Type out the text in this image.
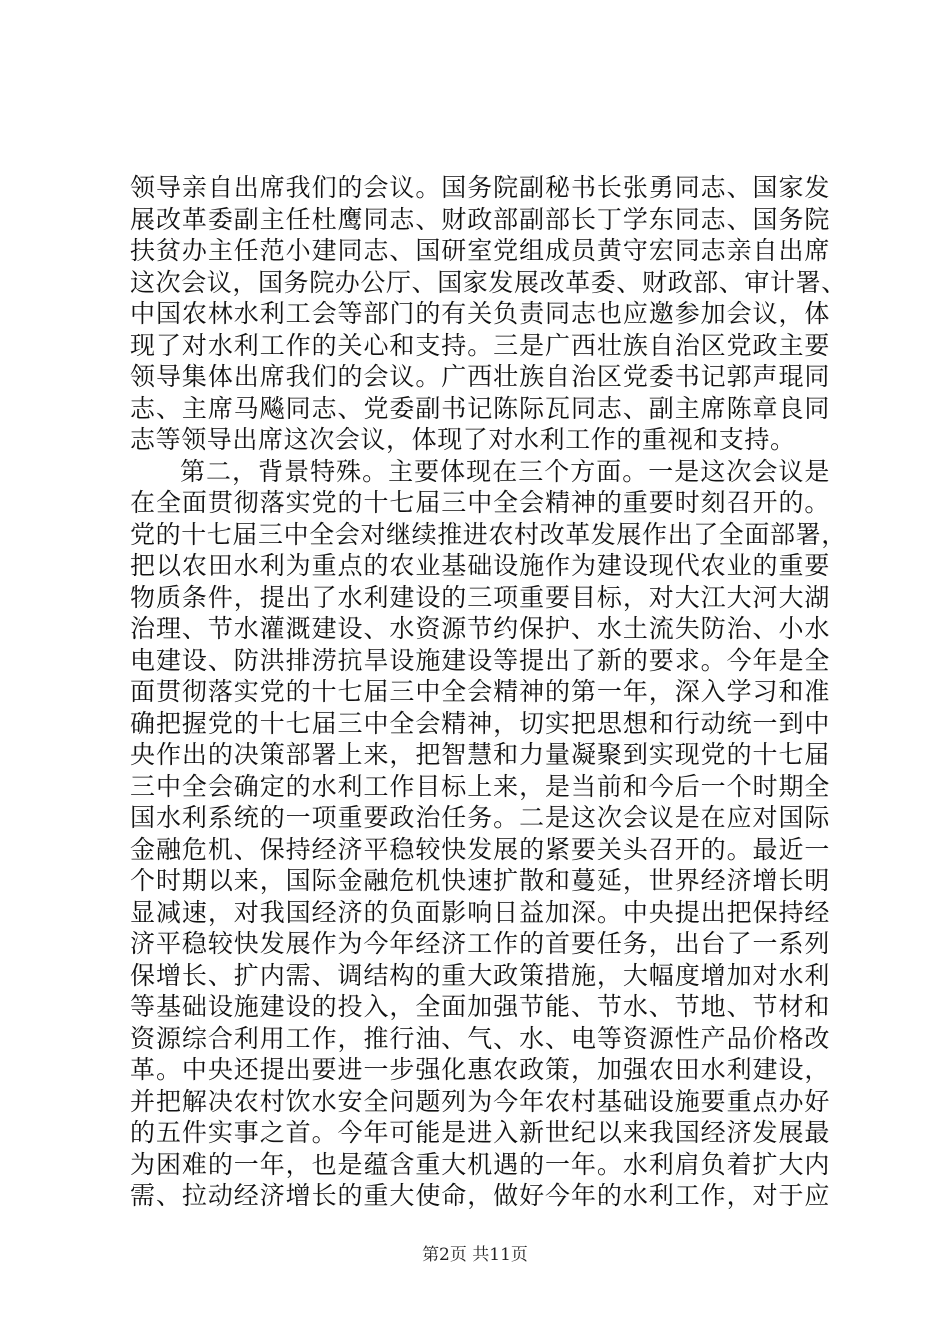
领导亲自出席我们的会议。国务院副秘书长张勇同志、国家发
展改革委副主任杜鹰同志、财政部副部长丁学东同志、国务院
扶贫办主任范小建同志、国研室党组成员黄守宏同志亲自出席
这次会议，国务院办公厅、国家发展改革委、财政部、审计署、
中国农林水利工会等部门的有关负责同志也应邀参加会议，体
现了对水利工作的关心和支持。三是广西壮族自治区党政主要
领导集体出席我们的会议。广西壮族自治区党委书记郭声琨同
志、主席马飚同志、党委副书记陈际瓦同志、副主席陈章良同
志等领导出席这次会议，体现了对水利工作的重视和支持。
第二，背景特殊。主要体现在三个方面。一是这次会议是
在全面贯彻落实党的十七届三中全会精神的重要时刻召开的。
党的十七届三中全会对继续推进农村改革发展作出了全面部署，
把以农田水利为重点的农业基础设施作为建设现代农业的重要
物质条件，提出了水利建设的三项重要目标，对大江大河大湖
治理、节水灌溉建设、水资源节约保护、水土流失防治、小水
电建设、防洪排涝抗旱设施建设等提出了新的要求。今年是全
面贯彻落实党的十七届三中全会精神的第一年，深入学习和准
确把握党的十七届三中全会精神，切实把思想和行动统一到中
央作出的决策部署上来，把智慧和力量凝聚到实现党的十七届
三中全会确定的水利工作目标上来，是当前和今后一个时期全
国水利系统的一项重要政治任务。二是这次会议是在应对国际
金融危机、保持经济平稳较快发展的紧要关头召开的。最近一
个时期以来，国际金融危机快速扩散和蔓延，世界经济增长明
显减速，对我国经济的负面影响日益加深。中央提出把保持经
济平稳较快发展作为今年经济工作的首要任务，出台了一系列
保增长、扩内需、调结构的重大政策措施，大幅度增加对水利
等基础设施建设的投入，全面加强节能、节水、节地、节材和
资源综合利用工作，推行油、气、水、电等资源性产品价格改
革。中央还提出要进一步强化惠农政策，加强农田水利建设，
并把解决农村饮水安全问题列为今年农村基础设施要重点办好
的五件实事之首。今年可能是进入新世纪以来我国经济发展最
为困难的一年，也是蕴含重大机遇的一年。水利肩负着扩大内
需、拉动经济增长的重大使命，做好今年的水利工作，对于应
第2页 共11页
